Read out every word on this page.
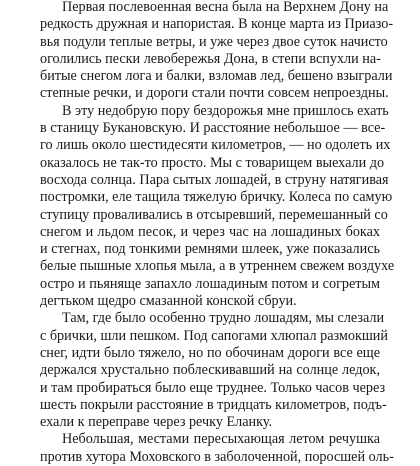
Первая послевоенная весна была на Верхнем Дону на
редкость дружная и напористая. В конце марта из Приазо-
вья подули теплые ветры, и уже через двое суток начисто
оголились пески левобережья Дона, в степи вспухли на-
битые снегом лога и балки, взломав лед, бешено взыграли
степные речки, и дороги стали почти совсем непроездны.
В эту недобрую пору бездорожья мне пришлось ехать
в станицу Букановскую. И расстояние небольшое — все-
го лишь около шестидесяти километров, — но одолеть их
оказалось не так-то просто. Мы с товарищем выехали до
восхода солнца. Пара сытых лошадей, в струну натягивая
постромки, еле тащила тяжелую бричку. Колеса по самую
ступицу проваливались в отсыревший, перемешанный со
снегом и льдом песок, и через час на лошадиных боках
и стегнах, под тонкими ремнями шлеек, уже показались
белые пышные хлопья мыла, а в утреннем свежем воздухе
остро и пьяняще запахло лошадиным потом и согретым
дегтьком щедро смазанной конской сбруи.
Там, где было особенно трудно лошадям, мы слезали
с брички, шли пешком. Под сапогами хлюпал размокший
снег, идти было тяжело, но по обочинам дороги все еще
держался хрустально поблескивавший на солнце ледок,
и там пробираться было еще труднее. Только часов через
шесть покрыли расстояние в тридцать километров, подъ-
ехали к переправе через речку Еланку.
Небольшая, местами пересыхающая летом речушка
против хутора Моховского в заболоченной, поросшей оль-
